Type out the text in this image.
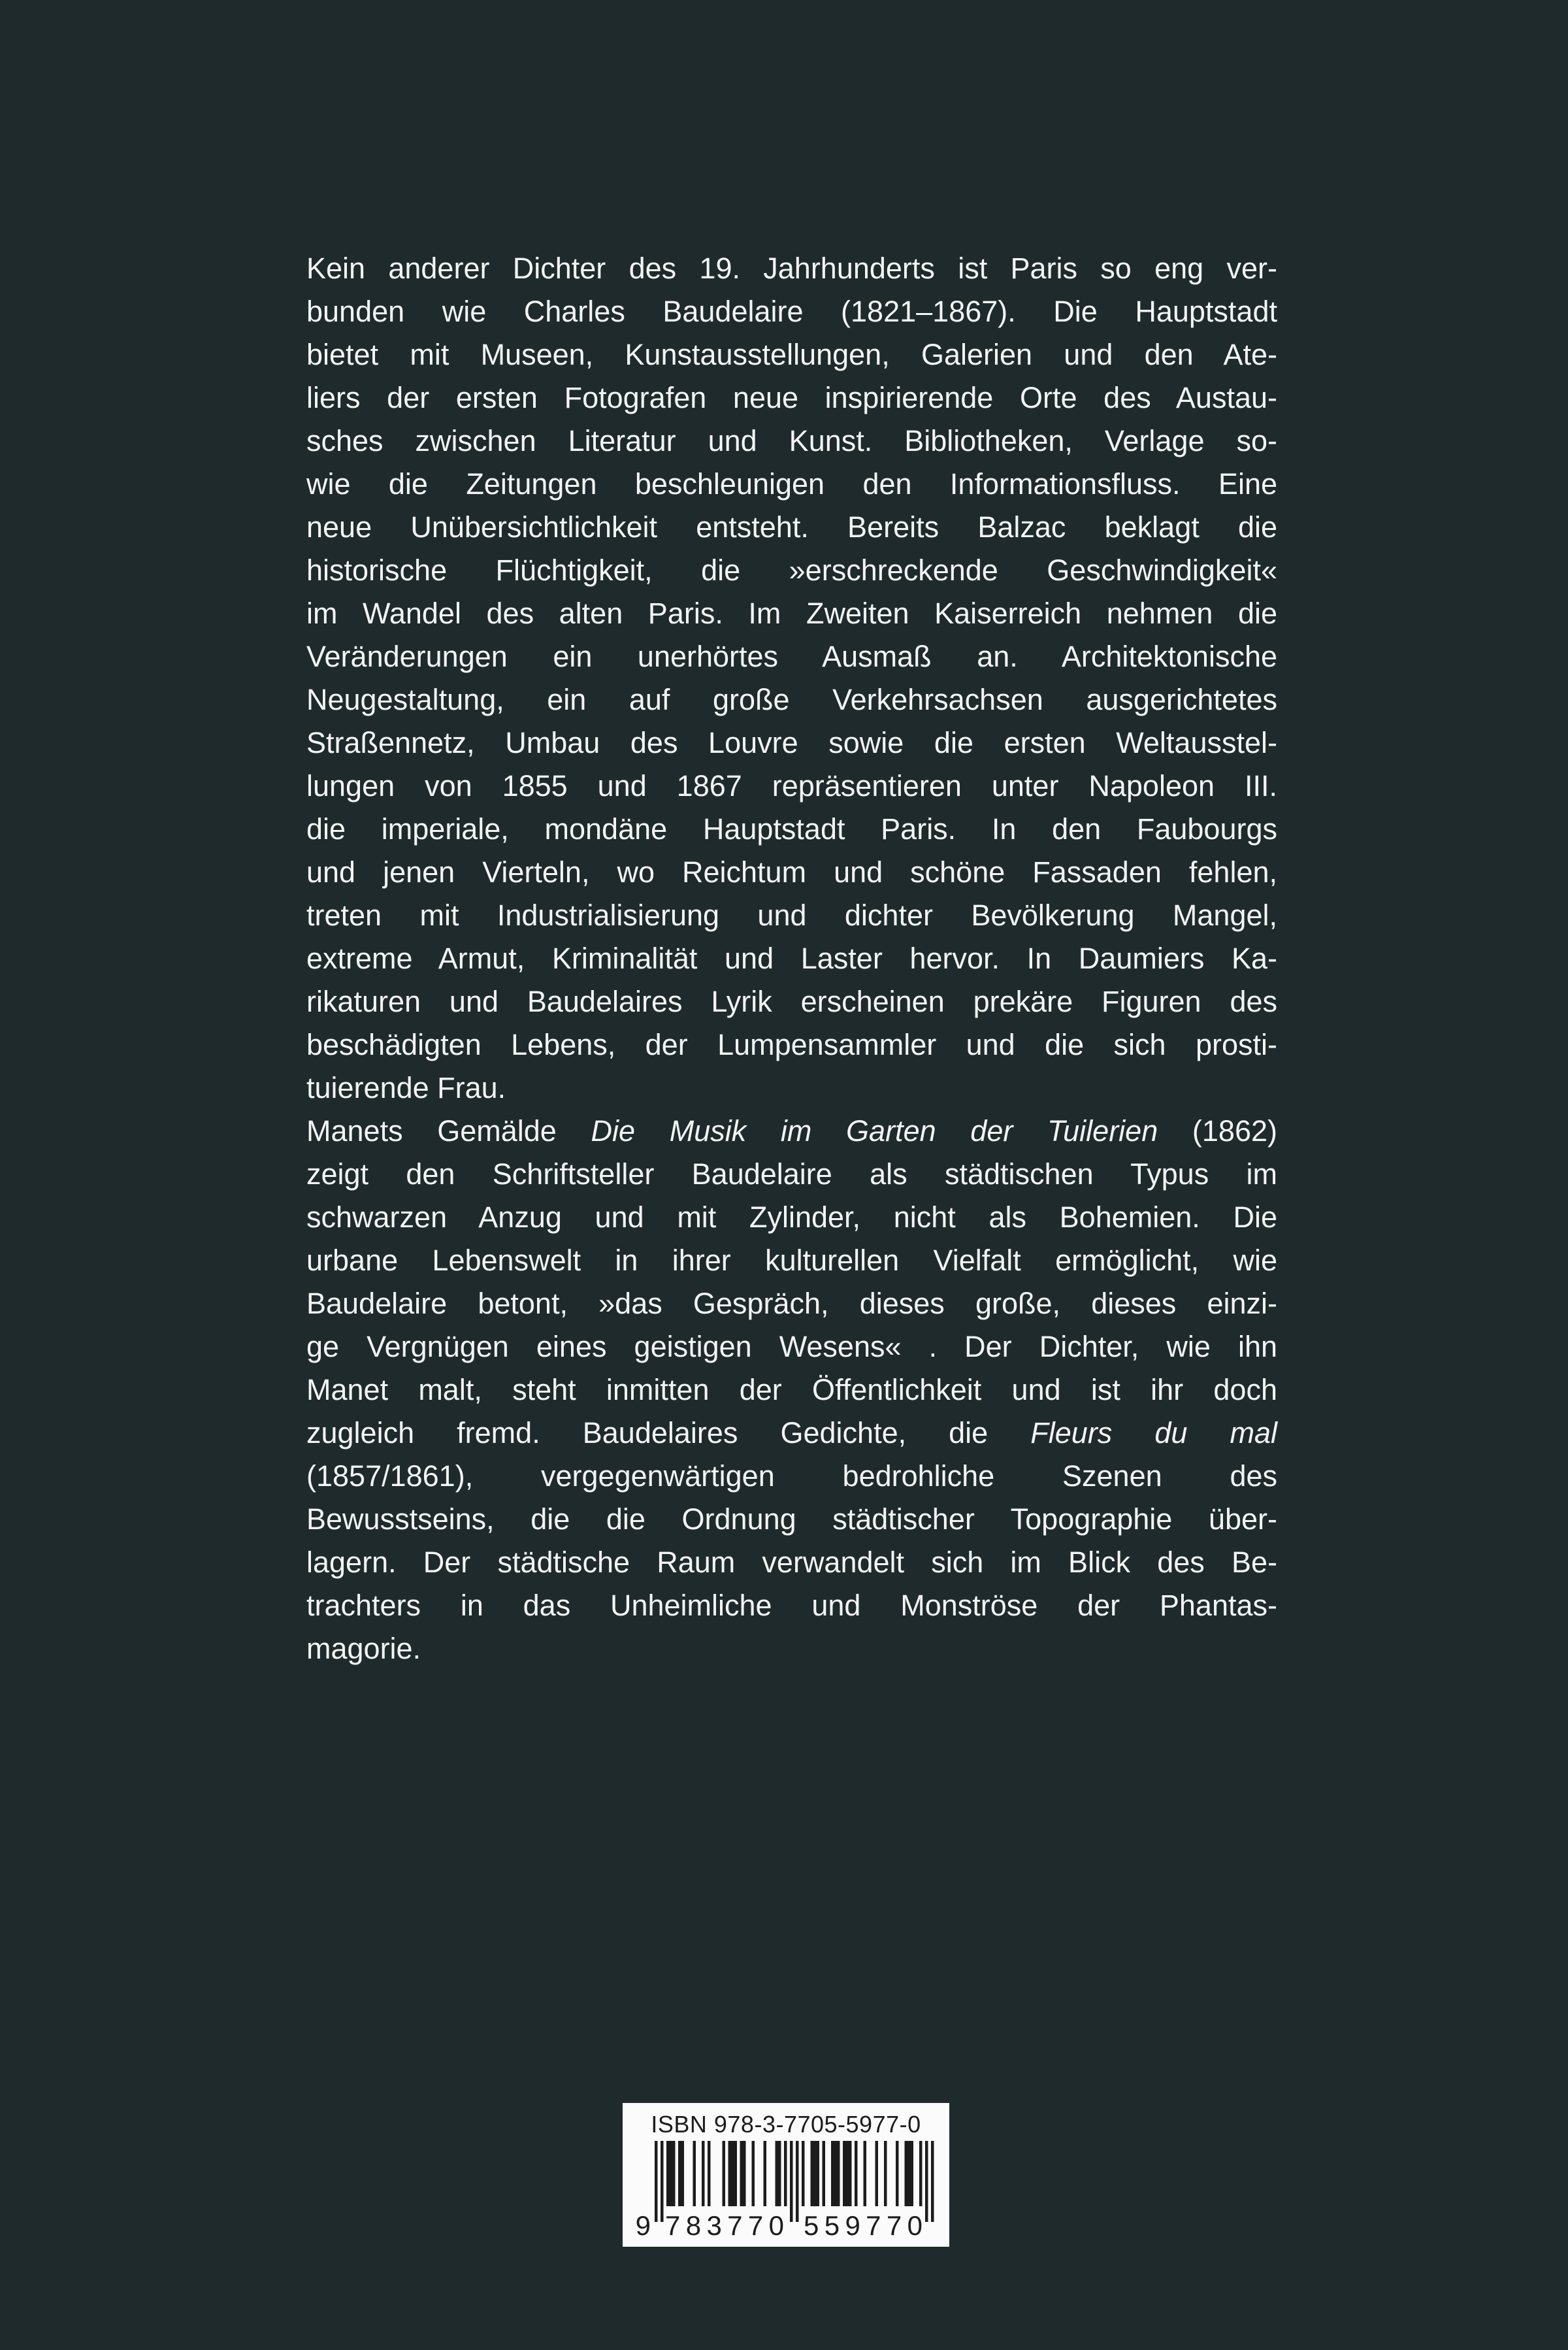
Kein anderer Dichter des 19. Jahrhunderts ist Paris so eng ver-
bunden wie Charles Baudelaire (1821–1867). Die Hauptstadt
bietet mit Museen, Kunstausstellungen, Galerien und den Ate-
liers der ersten Fotografen neue inspirierende Orte des Austau-
sches zwischen Literatur und Kunst. Bibliotheken, Verlage so-
wie die Zeitungen beschleunigen den Informationsfluss. Eine
neue Unübersichtlichkeit entsteht. Bereits Balzac beklagt die
historische Flüchtigkeit, die »erschreckende Geschwindigkeit«
im Wandel des alten Paris. Im Zweiten Kaiserreich nehmen die
Veränderungen ein unerhörtes Ausmaß an. Architektonische
Neugestaltung, ein auf große Verkehrsachsen ausgerichtetes
Straßennetz, Umbau des Louvre sowie die ersten Weltausstel-
lungen von 1855 und 1867 repräsentieren unter Napoleon III.
die imperiale, mondäne Hauptstadt Paris. In den Faubourgs
und jenen Vierteln, wo Reichtum und schöne Fassaden fehlen,
treten mit Industrialisierung und dichter Bevölkerung Mangel,
extreme Armut, Kriminalität und Laster hervor. In Daumiers Ka-
rikaturen und Baudelaires Lyrik erscheinen prekäre Figuren des
beschädigten Lebens, der Lumpensammler und die sich prosti-
tuierende Frau.
Manets Gemälde Die Musik im Garten der Tuilerien (1862)
zeigt den Schriftsteller Baudelaire als städtischen Typus im
schwarzen Anzug und mit Zylinder, nicht als Bohemien. Die
urbane Lebenswelt in ihrer kulturellen Vielfalt ermöglicht, wie
Baudelaire betont, »das Gespräch, dieses große, dieses einzi-
ge Vergnügen eines geistigen Wesens« . Der Dichter, wie ihn
Manet malt, steht inmitten der Öffentlichkeit und ist ihr doch
zugleich fremd. Baudelaires Gedichte, die Fleurs du mal
(1857/1861), vergegenwärtigen bedrohliche Szenen des
Bewusstseins, die die Ordnung städtischer Topographie über-
lagern. Der städtische Raum verwandelt sich im Blick des Be-
trachters in das Unheimliche und Monströse der Phantas-
magorie.
ISBN 978-3-7705-5977-0
9 783770 559770
